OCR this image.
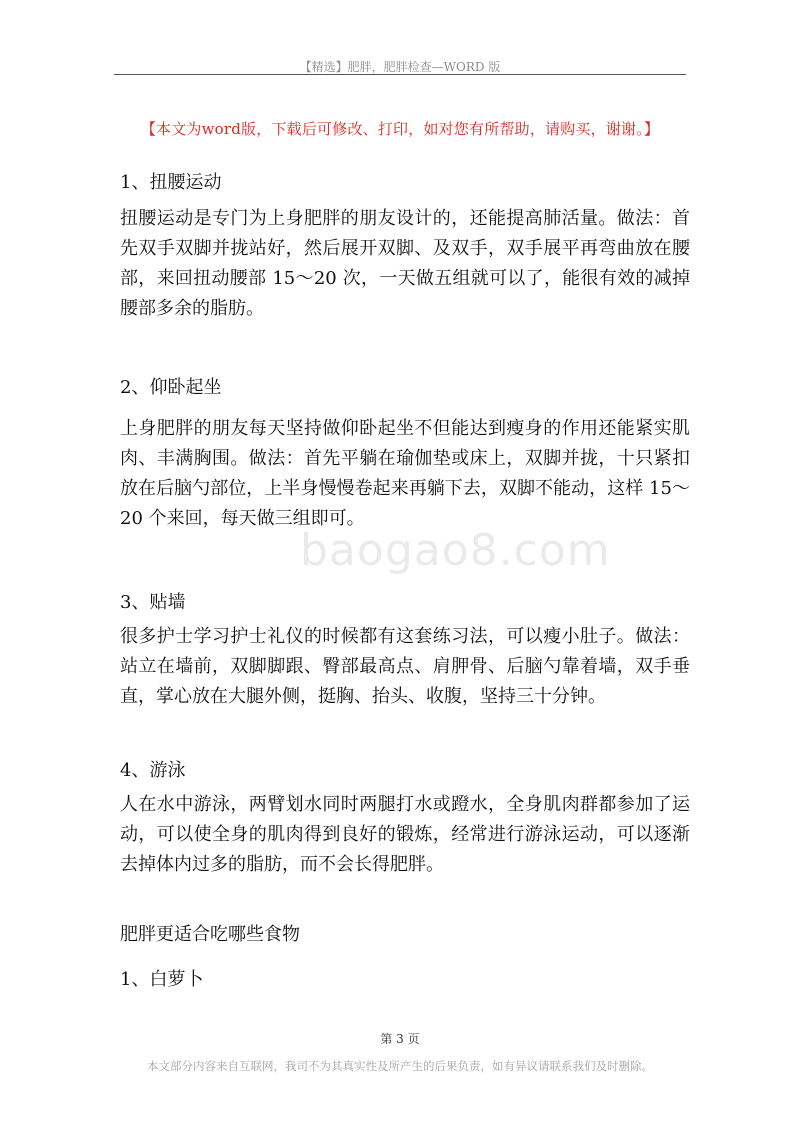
【精选】肥胖，肥胖检查—WORD 版
【本文为word版，下载后可修改、打印，如对您有所帮助，请购买，谢谢。】
baogao8.com
1、扭腰运动
扭腰运动是专门为上身肥胖的朋友设计的，还能提高肺活量。做法：首先双手双脚并拢站好，然后展开双脚、及双手，双手展平再弯曲放在腰部，来回扭动腰部 15～20 次，一天做五组就可以了，能很有效的减掉腰部多余的脂肪。
2、仰卧起坐
上身肥胖的朋友每天坚持做仰卧起坐不但能达到瘦身的作用还能紧实肌肉、丰满胸围。做法：首先平躺在瑜伽垫或床上，双脚并拢，十只紧扣放在后脑勺部位，上半身慢慢卷起来再躺下去，双脚不能动，这样 15～20 个来回，每天做三组即可。
3、贴墙
很多护士学习护士礼仪的时候都有这套练习法，可以瘦小肚子。做法：站立在墙前，双脚脚跟、臀部最高点、肩胛骨、后脑勺靠着墙，双手垂直，掌心放在大腿外侧，挺胸、抬头、收腹，坚持三十分钟。
4、游泳
人在水中游泳，两臂划水同时两腿打水或蹬水，全身肌肉群都参加了运动，可以使全身的肌肉得到良好的锻炼，经常进行游泳运动，可以逐渐去掉体内过多的脂肪，而不会长得肥胖。
肥胖更适合吃哪些食物
1、白萝卜
第 3 页
本文部分内容来自互联网，我司不为其真实性及所产生的后果负责，如有异议请联系我们及时删除。
